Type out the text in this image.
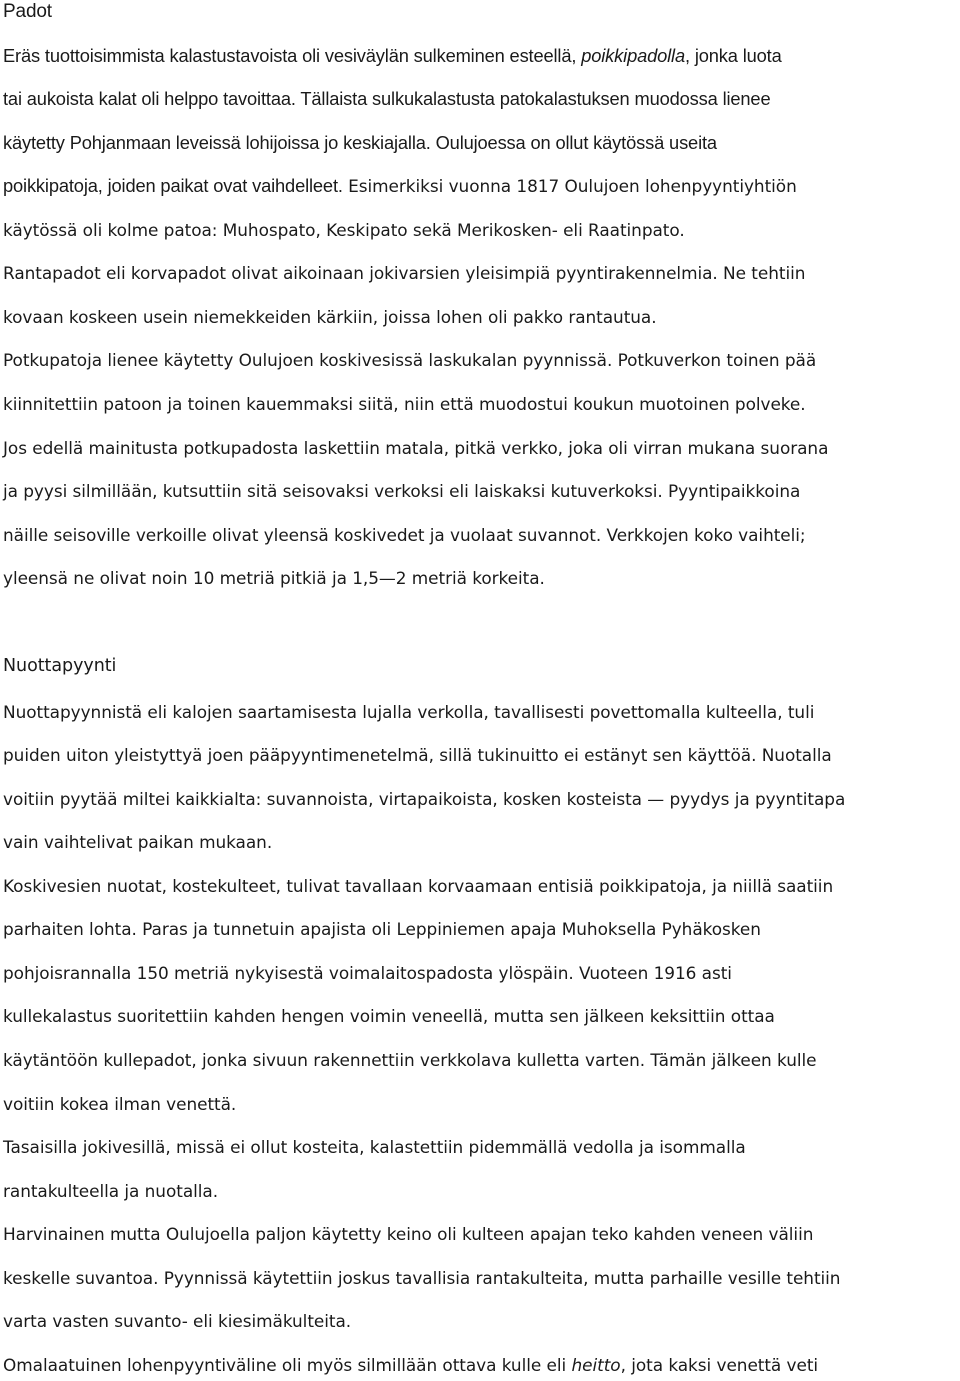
Padot
Eräs tuottoisimmista kalastustavoista oli vesiväylän sulkeminen esteellä, poikkipadolla, jonka luota
tai aukoista kalat oli helppo tavoittaa. Tällaista sulkukalastusta patokalastuksen muodossa lienee
käytetty Pohjanmaan leveissä lohijoissa jo keskiajalla. Oulujoessa on ollut käytössä useita
poikkipatoja, joiden paikat ovat vaihdelleet. Esimerkiksi vuonna 1817 Oulujoen lohenpyyntiyhtiön
käytössä oli kolme patoa: Muhospato, Keskipato sekä Merikosken- eli Raatinpato.
Rantapadot eli korvapadot olivat aikoinaan jokivarsien yleisimpiä pyyntirakennelmia. Ne tehtiin
kovaan koskeen usein niemekkeiden kärkiin, joissa lohen oli pakko rantautua.
Potkupatoja lienee käytetty Oulujoen koskivesissä laskukalan pyynnissä. Potkuverkon toinen pää
kiinnitettiin patoon ja toinen kauemmaksi siitä, niin että muodostui koukun muotoinen polveke.
Jos edellä mainitusta potkupadosta laskettiin matala, pitkä verkko, joka oli virran mukana suorana
ja pyysi silmillään, kutsuttiin sitä seisovaksi verkoksi eli laiskaksi kutuverkoksi. Pyyntipaikkoina
näille seisoville verkoille olivat yleensä koskivedet ja vuolaat suvannot. Verkkojen koko vaihteli;
yleensä ne olivat noin 10 metriä pitkiä ja 1,5—2 metriä korkeita.
Nuottapyynti
Nuottapyynnistä eli kalojen saartamisesta lujalla verkolla, tavallisesti povettomalla kulteella, tuli
puiden uiton yleistyttyä joen pääpyyntimenetelmä, sillä tukinuitto ei estänyt sen käyttöä. Nuotalla
voitiin pyytää miltei kaikkialta: suvannoista, virtapaikoista, kosken kosteista — pyydys ja pyyntitapa
vain vaihtelivat paikan mukaan.
Koskivesien nuotat, kostekulteet, tulivat tavallaan korvaamaan entisiä poikkipatoja, ja niillä saatiin
parhaiten lohta. Paras ja tunnetuin apajista oli Leppiniemen apaja Muhoksella Pyhäkosken
pohjoisrannalla 150 metriä nykyisestä voimalaitospadosta ylöspäin. Vuoteen 1916 asti
kullekalastus suoritettiin kahden hengen voimin veneellä, mutta sen jälkeen keksittiin ottaa
käytäntöön kullepadot, jonka sivuun rakennettiin verkkolava kulletta varten. Tämän jälkeen kulle
voitiin kokea ilman venettä.
Tasaisilla jokivesillä, missä ei ollut kosteita, kalastettiin pidemmällä vedolla ja isommalla
rantakulteella ja nuotalla.
Harvinainen mutta Oulujoella paljon käytetty keino oli kulteen apajan teko kahden veneen väliin
keskelle suvantoa. Pyynnissä käytettiin joskus tavallisia rantakulteita, mutta parhaille vesille tehtiin
varta vasten suvanto- eli kiesimäkulteita.
Omalaatuinen lohenpyyntiväline oli myös silmillään ottava kulle eli heitto, jota kaksi venettä veti
